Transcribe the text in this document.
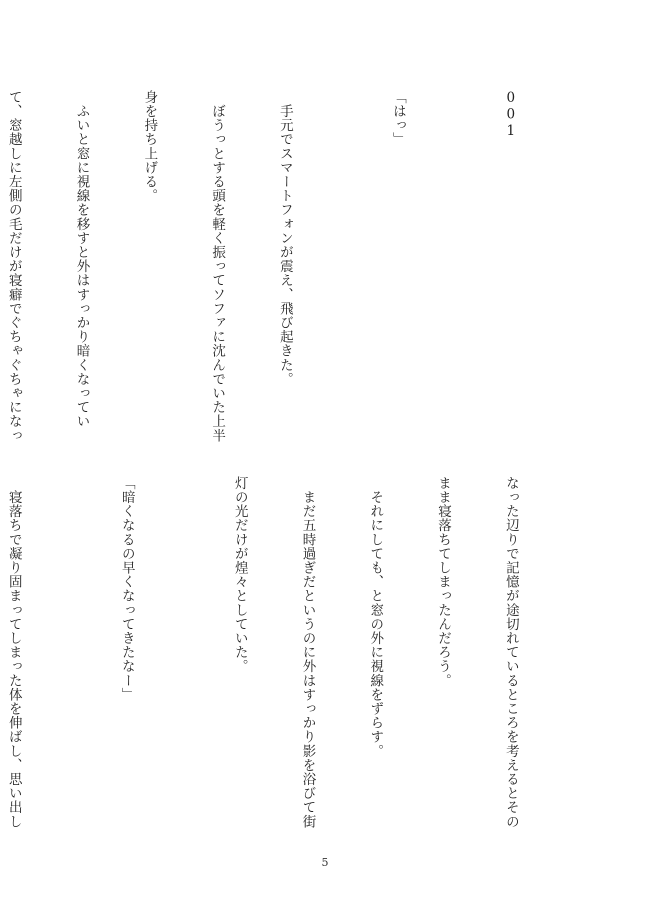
001

「はっ」

　手元でスマートフォンが震え、飛び起きた。

　ぼうっとする頭を軽く振ってソファに沈んでいた上半

身を持ち上げる。

　ふいと窓に視線を移すと外はすっかり暗くなってい

て、窓越しに左側の毛だけが寝癖でぐちゃぐちゃになっ

なった辺りで記憶が途切れているところを考えるとその

まま寝落ちてしまったんだろう。

　それにしても、と窓の外に視線をずらす。

　まだ五時過ぎだというのに外はすっかり影を浴びて街

灯の光だけが煌々としていた。

「暗くなるの早くなってきたなー」

　寝落ちで凝り固まってしまった体を伸ばし、思い出し

5
